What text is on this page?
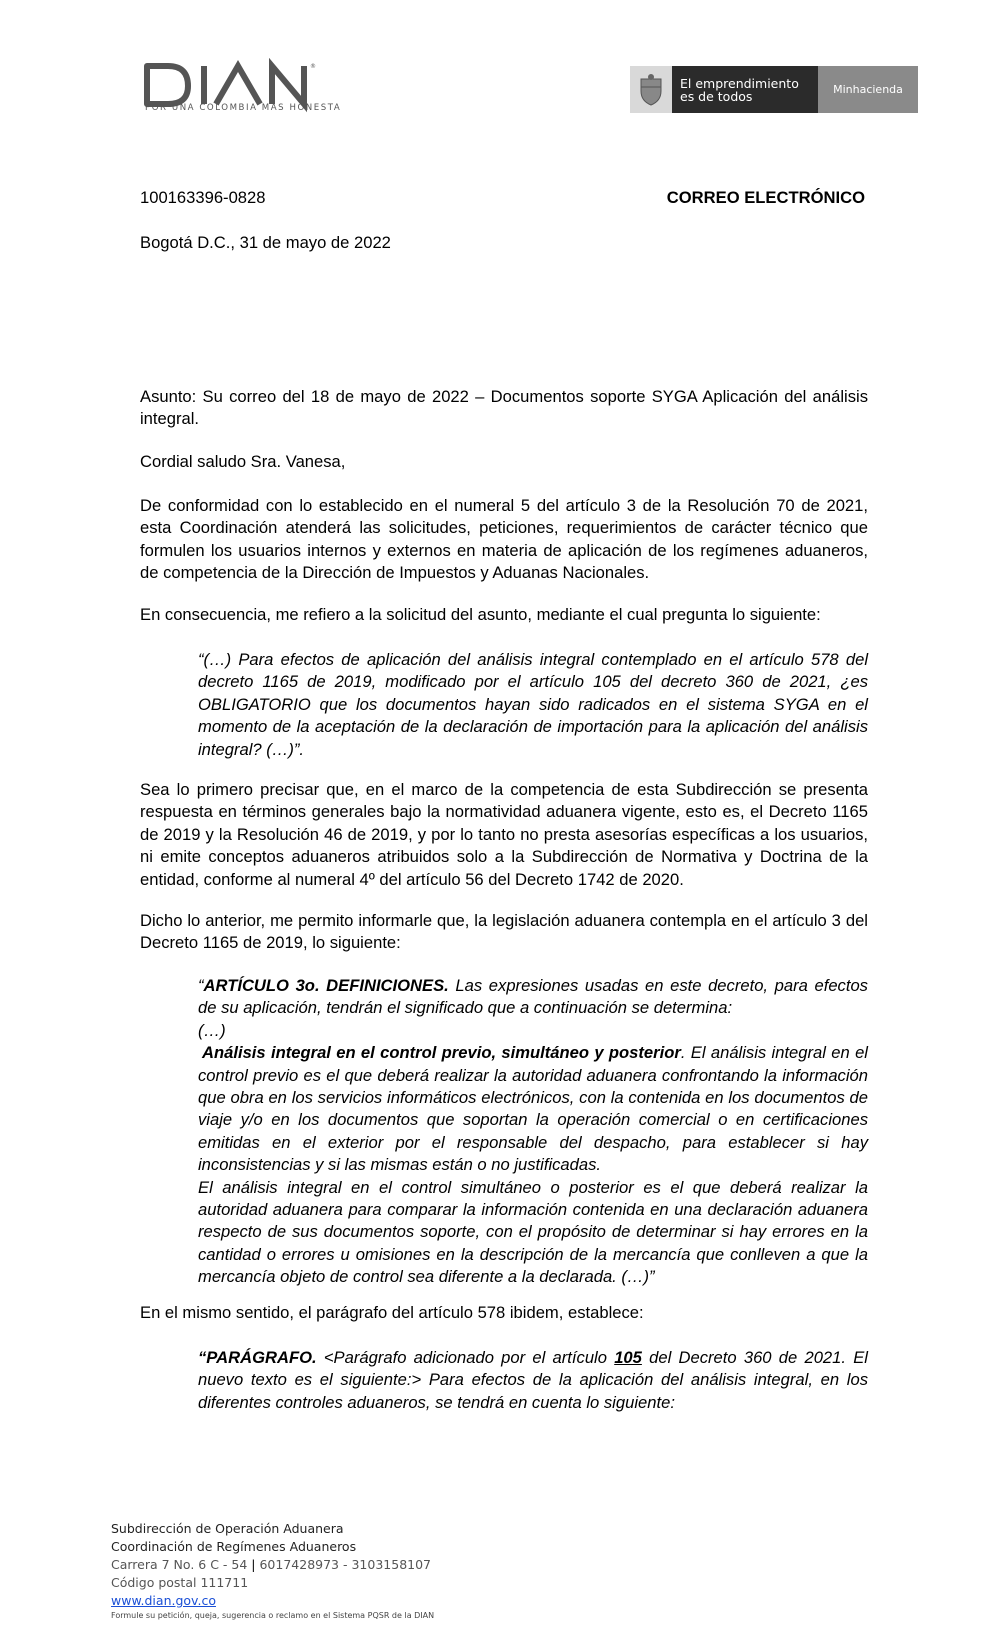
®
POR UNA COLOMBIA MÁS HONESTA
El emprendimiento
es de todos	Minhacienda
100163396-0828	CORREO ELECTRÓNICO
Bogotá D.C., 31 de mayo de 2022

Asunto: Su correo del 18 de mayo de 2022 – Documentos soporte SYGA Aplicación del análisis integral.

Cordial saludo Sra. Vanesa,

De conformidad con lo establecido en el numeral 5 del artículo 3 de la Resolución 70 de 2021, esta Coordinación atenderá las solicitudes, peticiones, requerimientos de carácter técnico que formulen los usuarios internos y externos en materia de aplicación de los regímenes aduaneros, de competencia de la Dirección de Impuestos y Aduanas Nacionales.

En consecuencia, me refiero a la solicitud del asunto, mediante el cual pregunta lo siguiente:

“(…) Para efectos de aplicación del análisis integral contemplado en el artículo 578 del decreto 1165 de 2019, modificado por el artículo 105 del decreto 360 de 2021, ¿es OBLIGATORIO que los documentos hayan sido radicados en el sistema SYGA en el momento de la aceptación de la declaración de importación para la aplicación del análisis integral? (…)”.

Sea lo primero precisar que, en el marco de la competencia de esta Subdirección se presenta respuesta en términos generales bajo la normatividad aduanera vigente, esto es, el Decreto 1165 de 2019 y la Resolución 46 de 2019, y por lo tanto no presta asesorías específicas a los usuarios, ni emite conceptos aduaneros atribuidos solo a la Subdirección de Normativa y Doctrina de la entidad, conforme al numeral 4º del artículo 56 del Decreto 1742 de 2020.

Dicho lo anterior, me permito informarle que, la legislación aduanera contempla en el artículo 3 del Decreto 1165 de 2019, lo siguiente:

“ARTÍCULO 3o. DEFINICIONES. Las expresiones usadas en este decreto, para efectos de su aplicación, tendrán el significado que a continuación se determina:
(…)
Análisis integral en el control previo, simultáneo y posterior. El análisis integral en el control previo es el que deberá realizar la autoridad aduanera confrontando la información que obra en los servicios informáticos electrónicos, con la contenida en los documentos de viaje y/o en los documentos que soportan la operación comercial o en certificaciones emitidas en el exterior por el responsable del despacho, para establecer si hay inconsistencias y si las mismas están o no justificadas.
El análisis integral en el control simultáneo o posterior es el que deberá realizar la autoridad aduanera para comparar la información contenida en una declaración aduanera respecto de sus documentos soporte, con el propósito de determinar si hay errores en la cantidad o errores u omisiones en la descripción de la mercancía que conlleven a que la mercancía objeto de control sea diferente a la declarada. (…)”

En el mismo sentido, el parágrafo del artículo 578 ibidem, establece:

“PARÁGRAFO. <Parágrafo adicionado por el artículo 105 del Decreto 360 de 2021. El nuevo texto es el siguiente:> Para efectos de la aplicación del análisis integral, en los diferentes controles aduaneros, se tendrá en cuenta lo siguiente:
Subdirección de Operación Aduanera
Coordinación de Regímenes Aduaneros
Carrera 7 No. 6 C - 54 | 6017428973 - 3103158107
Código postal 111711
www.dian.gov.co
Formule su petición, queja, sugerencia o reclamo en el Sistema PQSR de la DIAN
